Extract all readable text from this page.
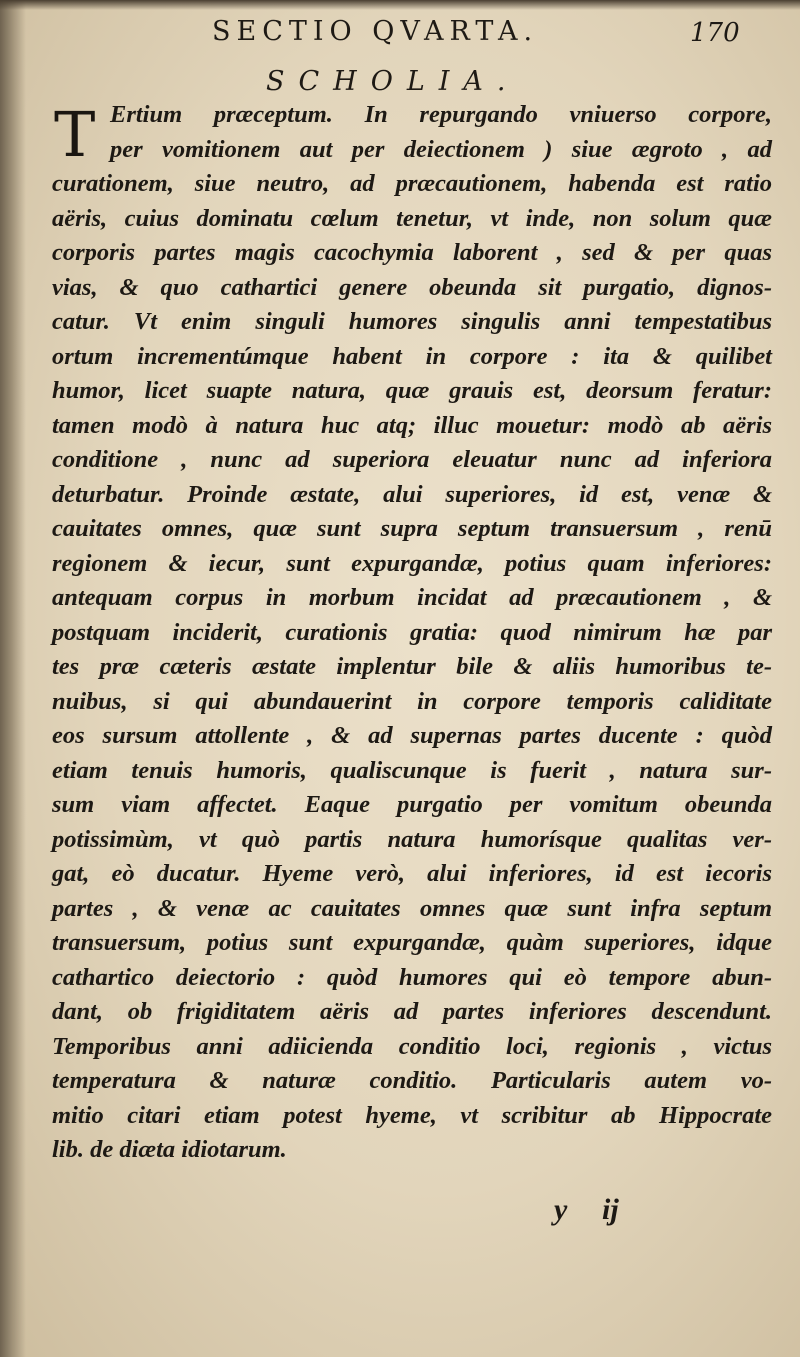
SECTIO QVARTA.	170
SCHOLIA.
T Ertium præceptum. In repurgando vniuerso corpore,
per vomitionem aut per deiectionem ) siue ægroto , ad
curationem, siue neutro, ad præcautionem, habenda est ratio
aëris, cuius dominatu cœlum tenetur, vt inde, non solum quæ
corporis partes magis cacochymia laborent , sed & per quas
vias, & quo cathartici genere obeunda sit purgatio, dignos-
catur. Vt enim singuli humores singulis anni tempestatibus
ortum incrementúmque habent in corpore : ita & quilibet
humor, licet suapte natura, quæ grauis est, deorsum feratur:
tamen modò à natura huc atq; illuc mouetur: modò ab aëris
conditione , nunc ad superiora eleuatur nunc ad inferiora
deturbatur. Proinde æstate, alui superiores, id est, venæ &
cauitates omnes, quæ sunt supra septum transuersum , renū
regionem & iecur, sunt expurgandæ, potius quam inferiores:
antequam corpus in morbum incidat ad præcautionem , &
postquam inciderit, curationis gratia: quod nimirum hæ par
tes præ cæteris æstate implentur bile & aliis humoribus te-
nuibus, si qui abundauerint in corpore temporis caliditate
eos sursum attollente , & ad supernas partes ducente : quòd
etiam tenuis humoris, qualiscunque is fuerit , natura sur-
sum viam affectet. Eaque purgatio per vomitum obeunda
potissimùm, vt quò partis natura humorísque qualitas ver-
gat, eò ducatur. Hyeme verò, alui inferiores, id est iecoris
partes , & venæ ac cauitates omnes quæ sunt infra septum
transuersum, potius sunt expurgandæ, quàm superiores, idque
cathartico deiectorio : quòd humores qui eò tempore abun-
dant, ob frigiditatem aëris ad partes inferiores descendunt.
Temporibus anni adiicienda conditio loci, regionis , victus
temperatura & naturæ conditio. Particularis autem vo-
mitio citari etiam potest hyeme, vt scribitur ab Hippocrate
lib. de diæta idiotarum.
y ij
